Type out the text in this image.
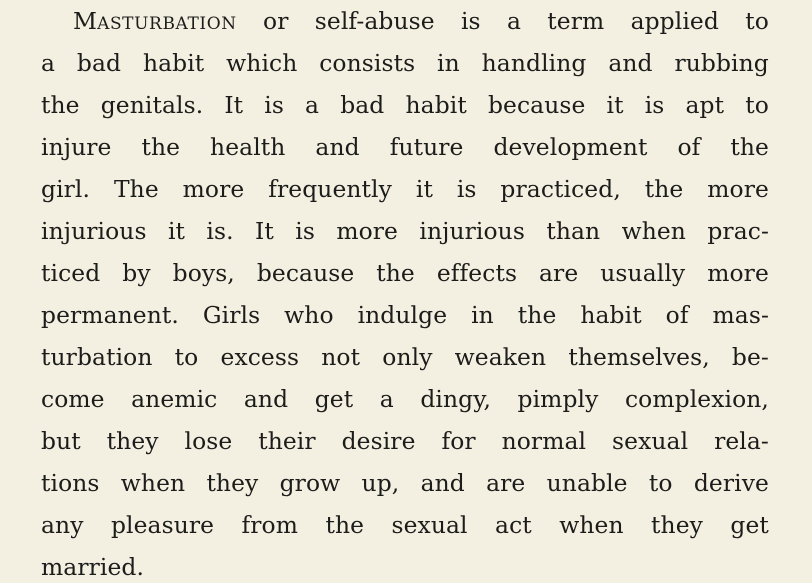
MASTURBATION or self-abuse is a term applied to
a bad habit which consists in handling and rubbing
the genitals. It is a bad habit because it is apt to
injure the health and future development of the
girl. The more frequently it is practiced, the more
injurious it is. It is more injurious than when prac-
ticed by boys, because the effects are usually more
permanent. Girls who indulge in the habit of mas-
turbation to excess not only weaken themselves, be-
come anemic and get a dingy, pimply complexion,
but they lose their desire for normal sexual rela-
tions when they grow up, and are unable to derive
any pleasure from the sexual act when they get
married.
